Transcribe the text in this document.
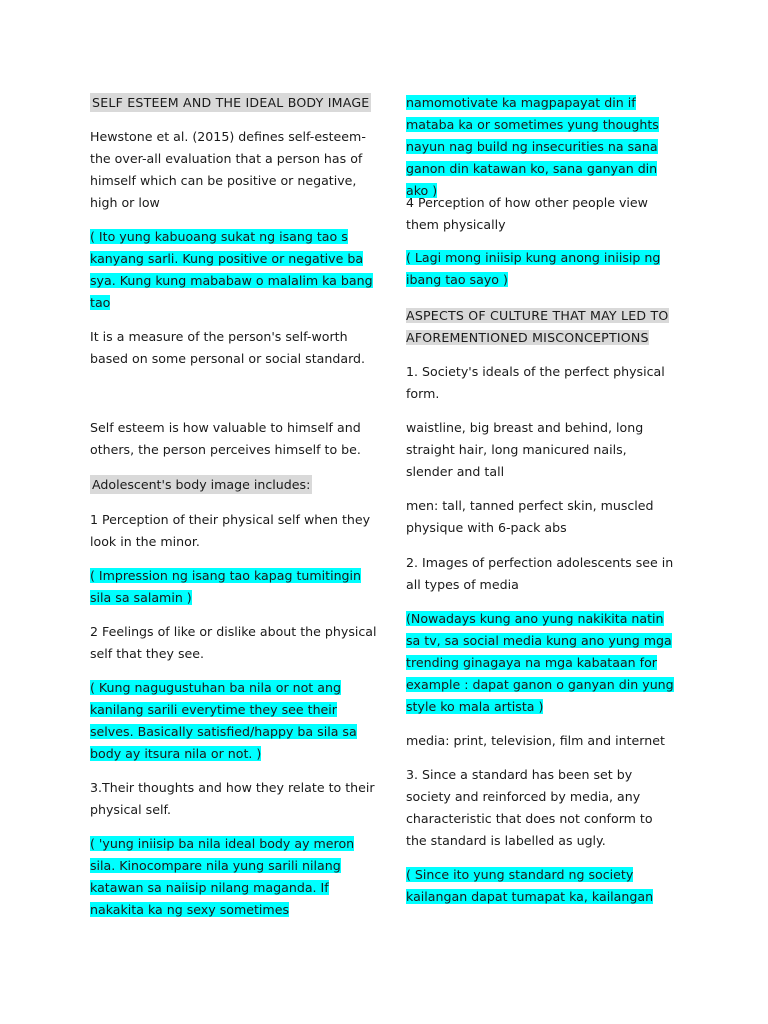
SELF ESTEEM AND THE IDEAL BODY IMAGE
Hewstone et al. (2015) defines self-esteem- the over-all evaluation that a person has of himself which can be positive or negative, high or low
( Ito yung kabuoang sukat ng isang tao s kanyang sarli. Kung positive or negative ba sya. Kung kung mababaw o malalim ka bang tao
It is a measure of the person's self-worth based on some personal or social standard.
Self esteem is how valuable to himself and others, the person perceives himself to be.
Adolescent's body image includes:
1 Perception of their physical self when they look in the minor.
( Impression ng isang tao kapag tumitingin sila sa salamin )
2 Feelings of like or dislike about the physical self that they see.
( Kung nagugustuhan ba nila or not ang kanilang sarili everytime they see their selves. Basically satisfied/happy ba sila sa body ay itsura nila or not. )
3.Their thoughts and how they relate to their physical self.
( 'yung iniisip ba nila ideal body ay meron sila. Kinocompare nila yung sarili nilang katawan sa naiisip nilang maganda. If nakakita ka ng sexy sometimes
namomotivate ka magpapayat din if mataba ka or sometimes yung thoughts nayun nag build ng insecurities na sana ganon din katawan ko, sana ganyan din ako )
4 Perception of how other people view them physically
( Lagi mong iniisip kung anong iniisip ng ibang tao sayo )
ASPECTS OF CULTURE THAT MAY LED TO AFOREMENTIONED MISCONCEPTIONS
1. Society's ideals of the perfect physical form.
waistline, big breast and behind, long straight hair, long manicured nails, slender and tall
men: tall, tanned perfect skin, muscled physique with 6-pack abs
2. Images of perfection adolescents see in all types of media
(Nowadays kung ano yung nakikita natin sa tv, sa social media kung ano yung mga trending ginagaya na mga kabataan for example : dapat ganon o ganyan din yung style ko mala artista )
media: print, television, film and internet
3. Since a standard has been set by society and reinforced by media, any characteristic that does not conform to the standard is labelled as ugly.
( Since ito yung standard ng society kailangan dapat tumapat ka, kailangan
